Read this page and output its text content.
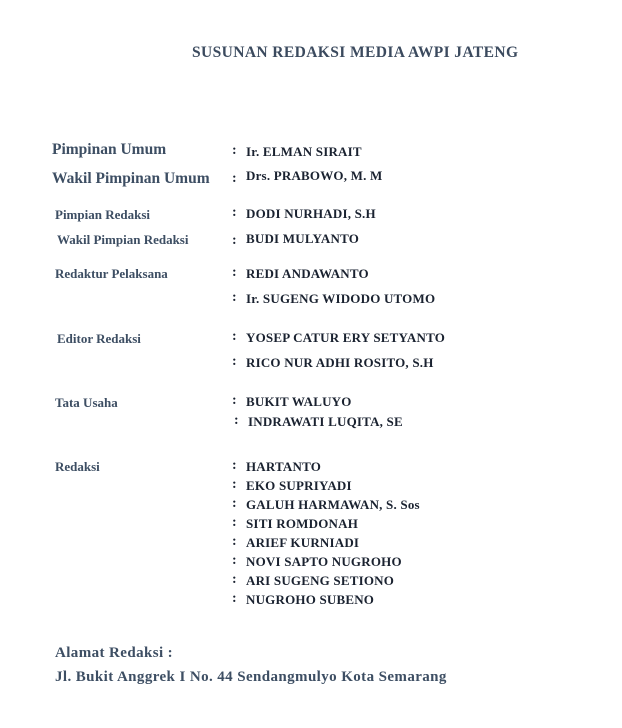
SUSUNAN REDAKSI MEDIA AWPI JATENG
Pimpinan Umum	: Ir. ELMAN SIRAIT
Wakil Pimpinan Umum : Drs. PRABOWO, M. M
Pimpian Redaksi	: DODI NURHADI, S.H
Wakil Pimpian Redaksi	: BUDI MULYANTO
Redaktur Pelaksana	: REDI ANDAWANTO
: Ir. SUGENG WIDODO UTOMO
Editor Redaksi	: YOSEP CATUR ERY SETYANTO
: RICO NUR ADHI ROSITO, S.H
Tata Usaha	: BUKIT WALUYO
: INDRAWATI LUQITA, SE
Redaksi	: HARTANTO
: EKO SUPRIYADI
: GALUH HARMAWAN, S. Sos
: SITI ROMDONAH
: ARIEF KURNIADI
: NOVI SAPTO NUGROHO
: ARI SUGENG SETIONO
: NUGROHO SUBENO
Alamat Redaksi :
Jl. Bukit Anggrek I No. 44 Sendangmulyo Kota Semarang
